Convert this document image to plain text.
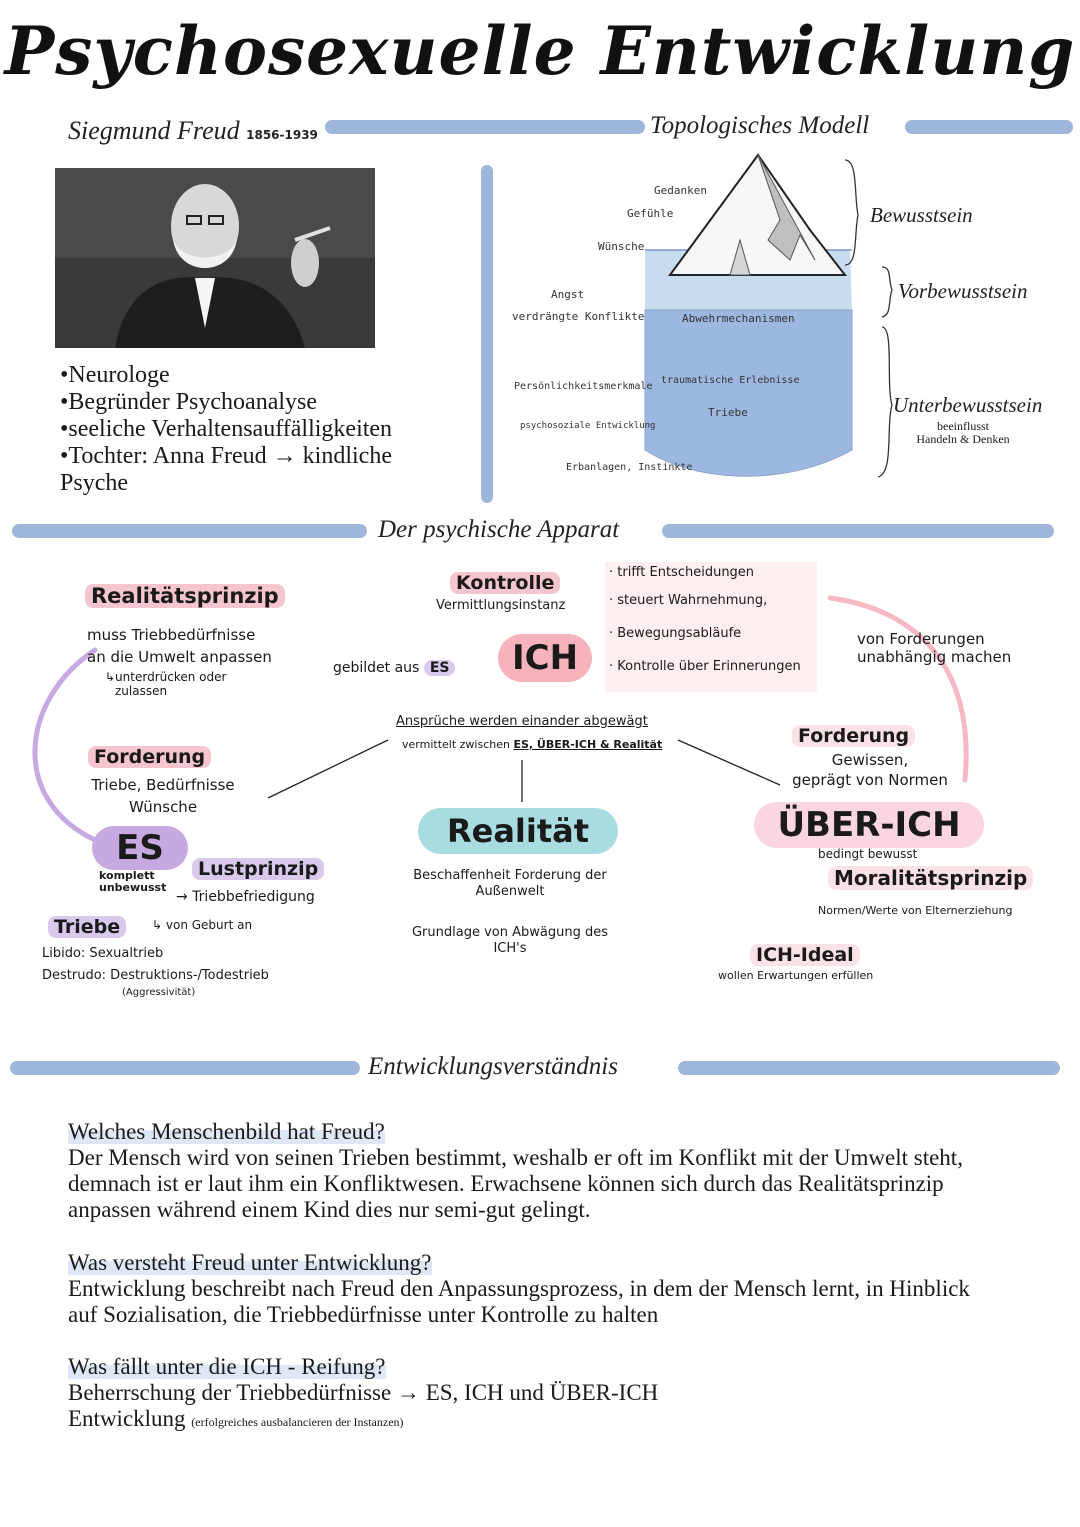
Psychosexuelle Entwicklung
Siegmund Freud 1856-1939	Topologisches Modell
•Neurologe
•Begründer Psychoanalyse
•seeliche Verhaltensauffälligkeiten
•Tochter: Anna Freud → kindliche Psyche
Gedanken
Gefühle
Wünsche
Angst
verdrängte Konflikte	Abwehrmechanismen
Persönlichkeitsmerkmale
traumatische Erlebnisse
psychosoziale Entwicklung
Triebe
Erbanlagen, Instinkte
Bewusstsein
Vorbewusstsein
Unterbewusstsein
beeinflusst
Handeln & Denken
Der psychische Apparat
Realitätsprinzip
muss Triebbedürfnisse
an die Umwelt anpassen
↳unterdrücken oder
zulassen
Kontrolle
Vermittlungsinstanz
gebildet aus ES	ICH
· trifft Entscheidungen
· steuert Wahrnehmung,
· Bewegungsabläufe
· Kontrolle über Erinnerungen
von Forderungen
unabhängig machen
Ansprüche werden einander abgewägt
vermittelt zwischen ES, ÜBER-ICH & Realität
Realität
Beschaffenheit Forderung der
Außenwelt
Grundlage von Abwägung des
ICH's
Forderung
Triebe, Bedürfnisse
Wünsche
ES
komplett
unbewusst
Lustprinzip
→ Triebbefriedigung
Triebe	↳ von Geburt an
Libido: Sexualtrieb
Destrudo: Destruktions-/Todestrieb
(Aggressivität)
Forderung
Gewissen,
geprägt von Normen
ÜBER-ICH
bedingt bewusst
Moralitätsprinzip
Normen/Werte von Elternerziehung
ICH-Ideal
wollen Erwartungen erfüllen
Entwicklungsverständnis
Welches Menschenbild hat Freud?
Der Mensch wird von seinen Trieben bestimmt, weshalb er oft im Konflikt mit der Umwelt steht, demnach ist er laut ihm ein Konfliktwesen. Erwachsene können sich durch das Realitätsprinzip anpassen während einem Kind dies nur semi-gut gelingt.
Was versteht Freud unter Entwicklung?
Entwicklung beschreibt nach Freud den Anpassungsprozess, in dem der Mensch lernt, in Hinblick auf Sozialisation, die Triebbedürfnisse unter Kontrolle zu halten
Was fällt unter die ICH - Reifung?
Beherrschung der Triebbedürfnisse → ES, ICH und ÜBER-ICH
Entwicklung (erfolgreiches ausbalancieren der Instanzen)
